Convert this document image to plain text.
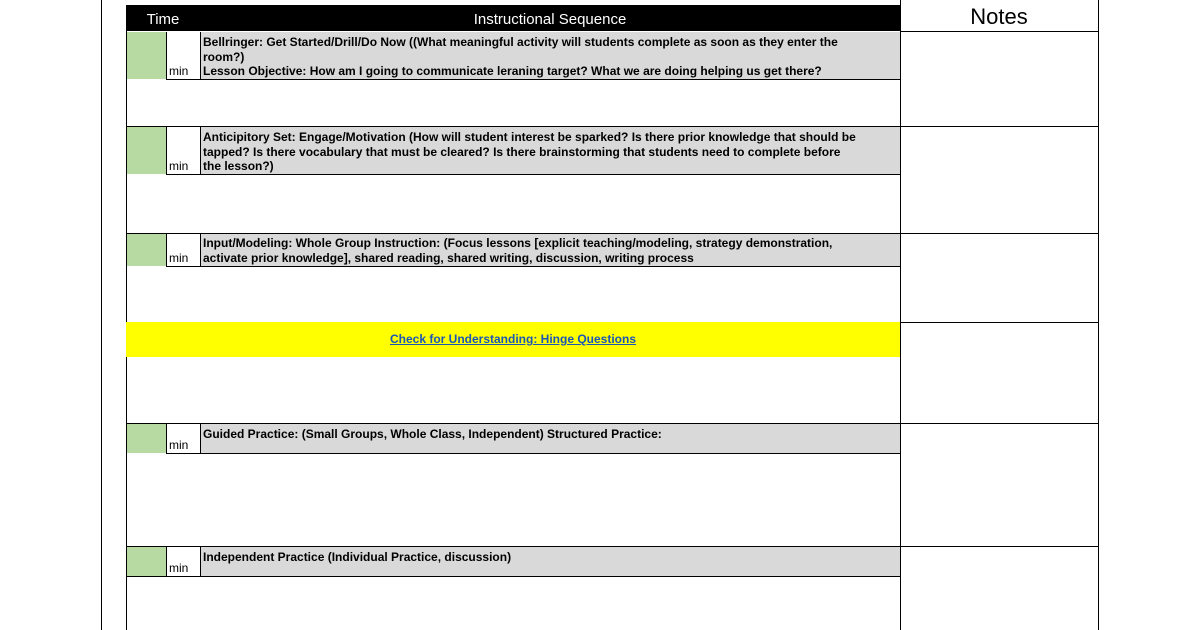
Time	Instructional Sequence	Notes
min
Bellringer: Get Started/Drill/Do Now ((What meaningful activity will students complete as soon as they enter the
room?)
Lesson Objective: How am I going to communicate leraning target? What we are doing helping us get there?
min
Anticipitory Set: Engage/Motivation (How will student interest be sparked? Is there prior knowledge that should be
tapped? Is there vocabulary that must be cleared? Is there brainstorming that students need to complete before
the lesson?)
min
Input/Modeling: Whole Group Instruction: (Focus lessons [explicit teaching/modeling, strategy demonstration,
activate prior knowledge], shared reading, shared writing, discussion, writing process
Check for Understanding: Hinge Questions
min
Guided Practice: (Small Groups, Whole Class, Independent) Structured Practice:
min
Independent Practice (Individual Practice, discussion)
